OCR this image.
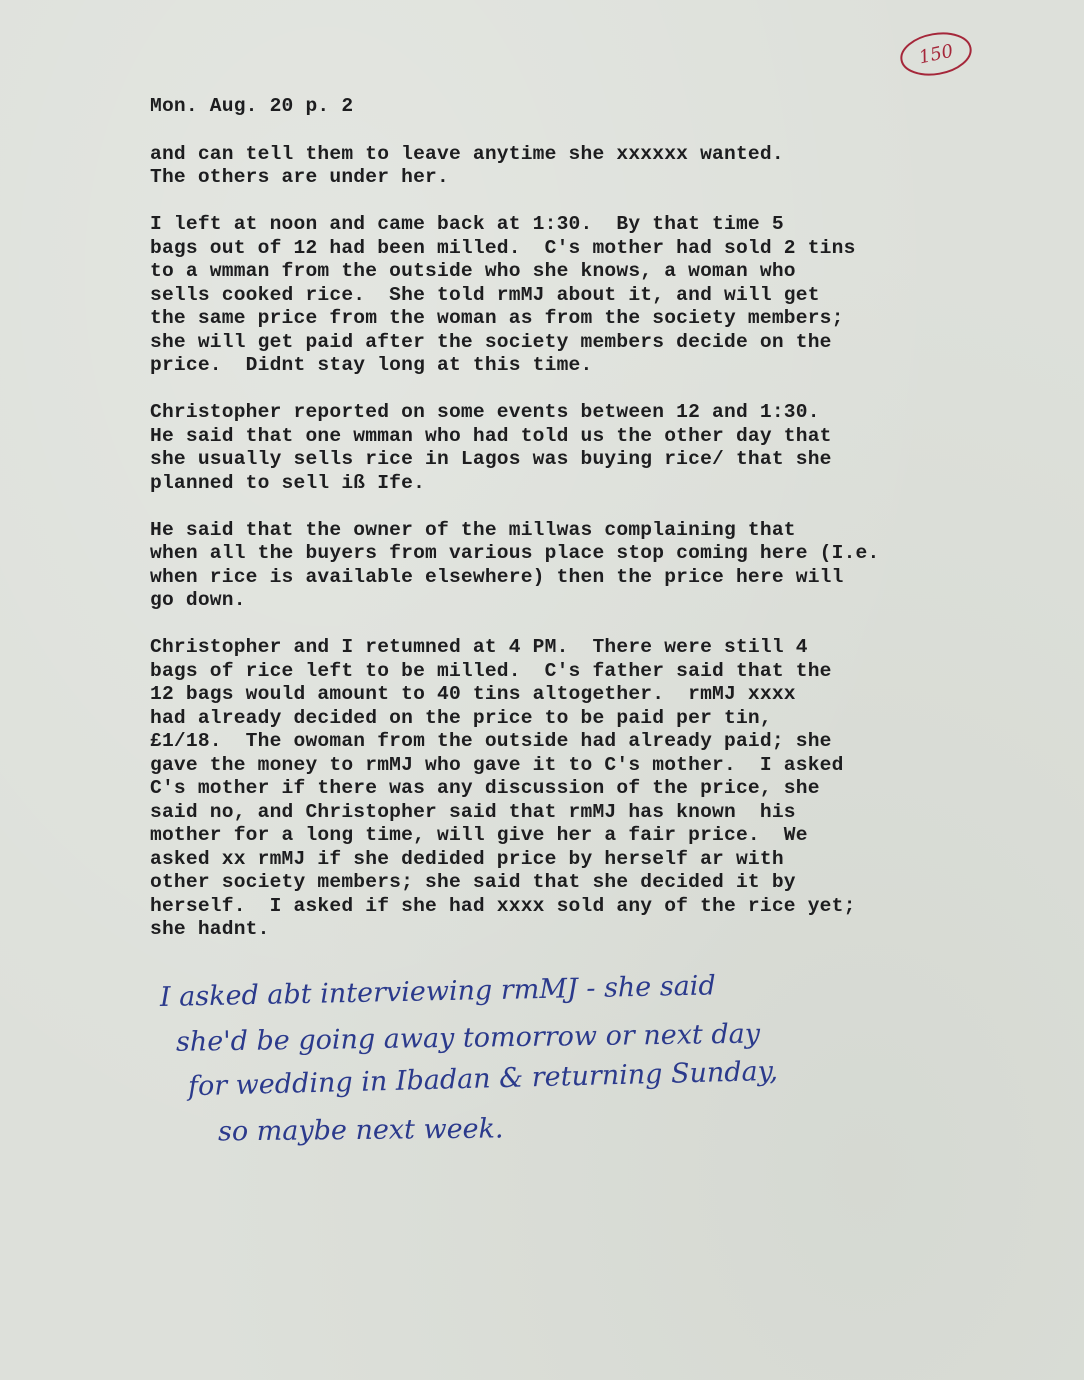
150

Mon. Aug. 20 p. 2

and can tell them to leave anytime she xxxxxx wanted.

The others are under her.

I left at noon and came back at 1:30.  By that time 5

bags out of 12 had been milled.  C's mother had sold 2 tins

to a wmman from the outside who she knows, a woman who

sells cooked rice.  She told rmMJ about it, and will get

the same price from the woman as from the society members;

she will get paid after the society members decide on the

price.  Didnt stay long at this time.

Christopher reported on some events between 12 and 1:30.

He said that one wmman who had told us the other day that

she usually sells rice in Lagos was buying rice/ that she

planned to sell iß Ife.

He said that the owner of the millwas complaining that

when all the buyers from various place stop coming here (I.e.

when rice is available elsewhere) then the price here will

go down.

Christopher and I retumned at 4 PM.  There were still 4

bags of rice left to be milled.  C's father said that the

12 bags would amount to 40 tins altogether.  rmMJ xxxx

had already decided on the price to be paid per tin,

£1/18.  The owoman from the outside had already paid; she

gave the money to rmMJ who gave it to C's mother.  I asked

C's mother if there was any discussion of the price, she

said no, and Christopher said that rmMJ has known  his

mother for a long time, will give her a fair price.  We

asked xx rmMJ if she dedided price by herself ar with

other society members; she said that she decided it by

herself.  I asked if she had xxxx sold any of the rice yet;

she hadnt.

I asked abt interviewing rmMJ - she said

she'd be going away tomorrow or next day

for wedding in Ibadan & returning Sunday,

so maybe next week.
